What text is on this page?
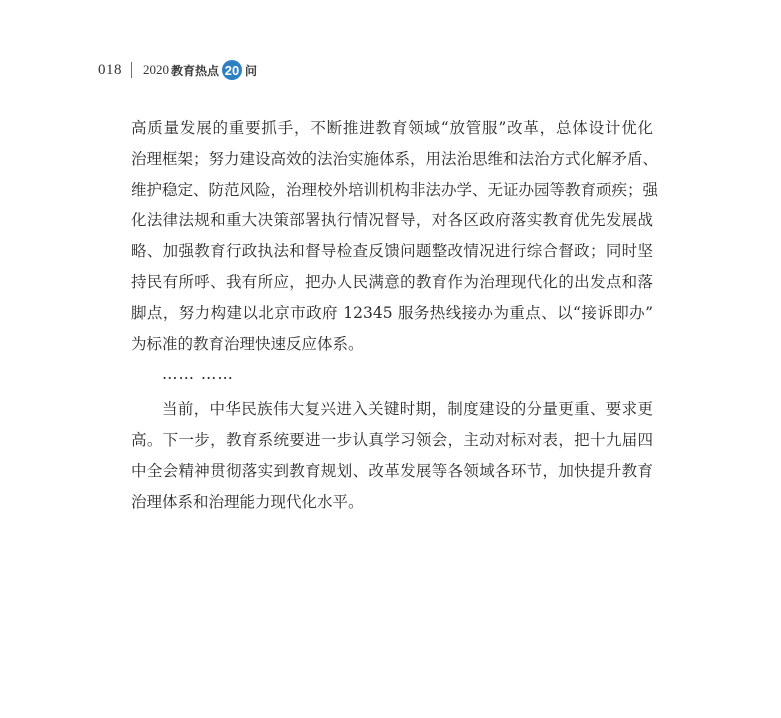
018 2020 教育热点 20 问
高质量发展的重要抓手，不断推进教育领域“放管服”改革，总体设计优化
治理框架；努力建设高效的法治实施体系，用法治思维和法治方式化解矛盾、
维护稳定、防范风险，治理校外培训机构非法办学、无证办园等教育顽疾；强
化法律法规和重大决策部署执行情况督导，对各区政府落实教育优先发展战
略、加强教育行政执法和督导检查反馈问题整改情况进行综合督政；同时坚
持民有所呼、我有所应，把办人民满意的教育作为治理现代化的出发点和落
脚点，努力构建以北京市政府 12345 服务热线接办为重点、以“接诉即办”
为标准的教育治理快速反应体系。
…… ……
当前，中华民族伟大复兴进入关键时期，制度建设的分量更重、要求更
高。下一步，教育系统要进一步认真学习领会，主动对标对表，把十九届四
中全会精神贯彻落实到教育规划、改革发展等各领域各环节，加快提升教育
治理体系和治理能力现代化水平。
